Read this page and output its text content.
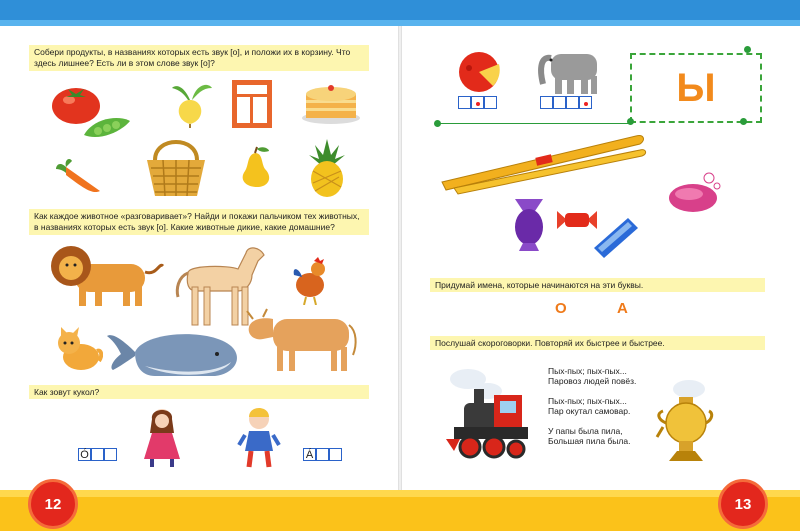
Собери продукты, в названиях которых есть звук [о], и положи их в корзину. Что здесь лишнее? Есть ли в этом слове звук [о]?
Как каждое животное «разговаривает»? Найди и покажи пальчиком тех животных, в названиях которых есть звук [о]. Какие животные дикие, какие домашние?
Как зовут кукол?
О́	А́
12
Ы
Придумай имена, которые начинаются на эти буквы.
О	А
Послушай скороговорки. Повторяй их быстрее и быстрее.

Пых-пых; пых-пых...
Паровоз людей повёз.

Пых-пых; пых-пых...
Пар окутал самовар.

У папы была пила,
Большая пила была.

13
